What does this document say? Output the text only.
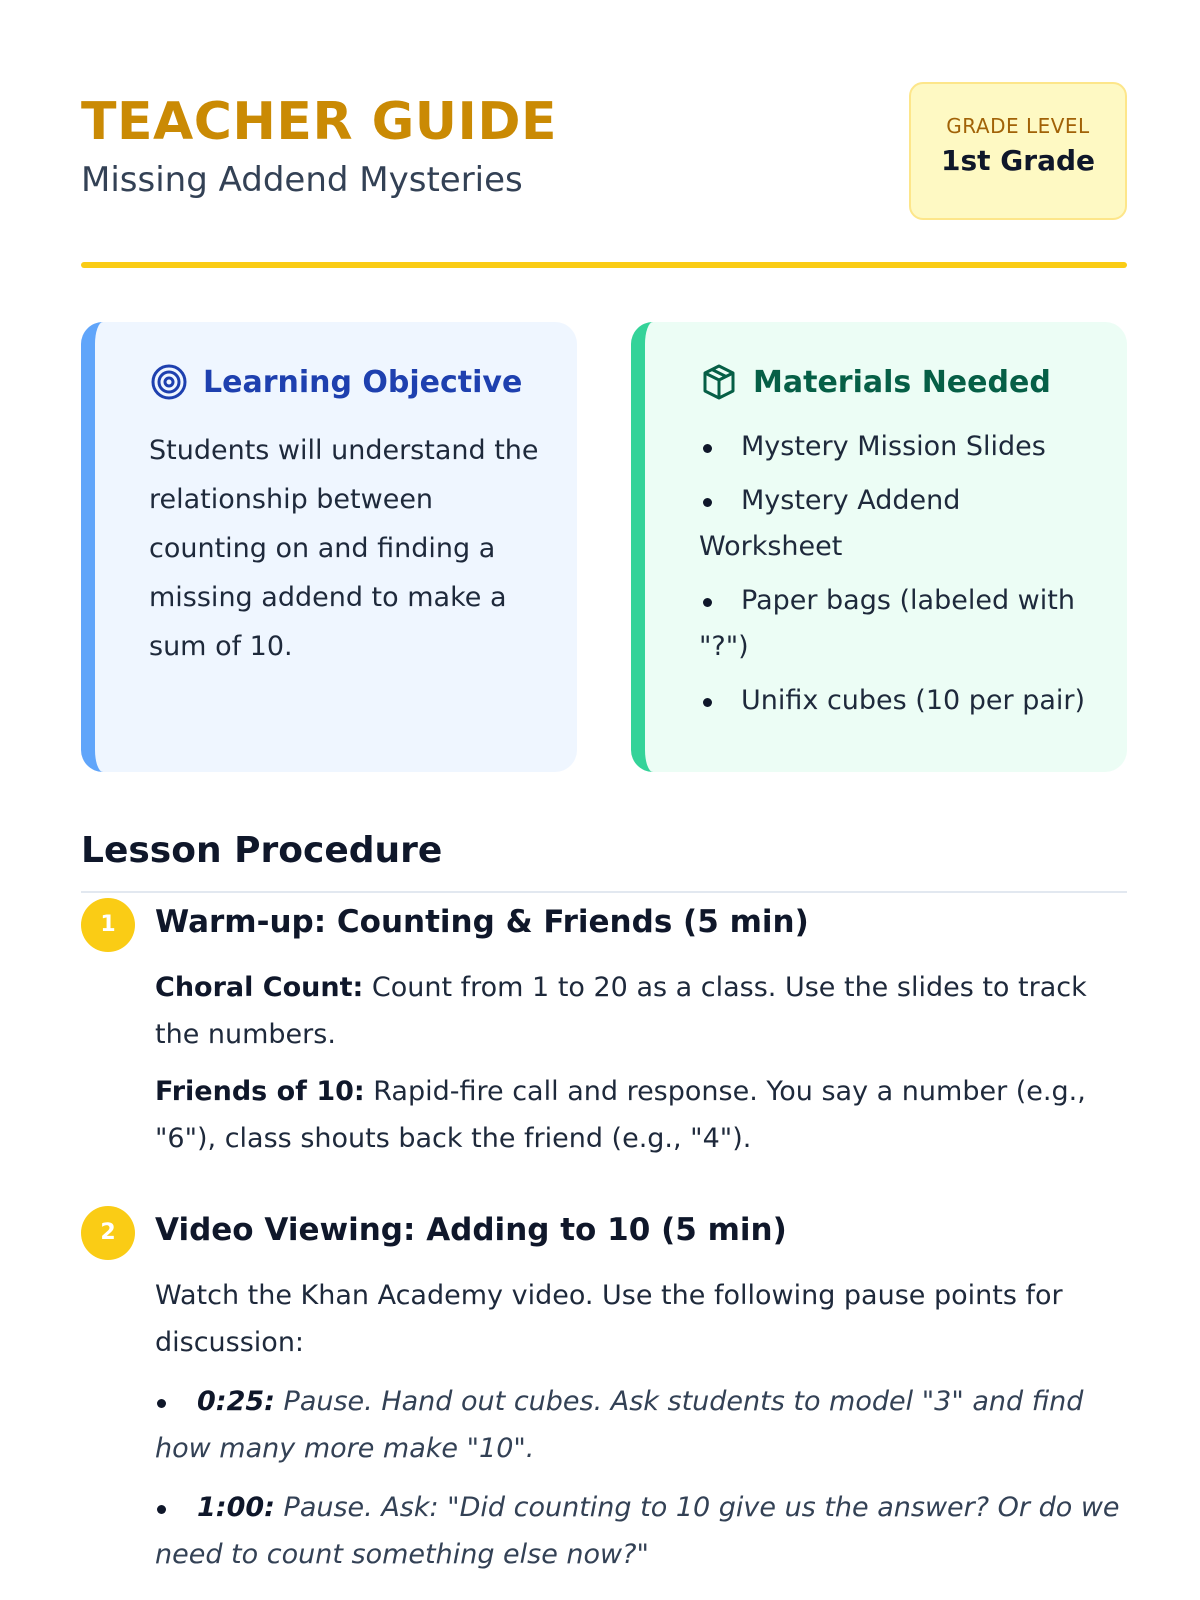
TEACHER GUIDE
Missing Addend Mysteries
GRADE LEVEL
1st Grade
Learning Objective

Students will understand the relationship between counting on and finding a missing addend to make a sum of 10.

Materials Needed
Mystery Mission Slides
Mystery Addend Worksheet
Paper bags (labeled with "?")
Unifix cubes (10 per pair)
Lesson Procedure
1	Warm-up: Counting & Friends (5 min)

Choral Count: Count from 1 to 20 as a class. Use the slides to track the numbers.

Friends of 10: Rapid-fire call and response. You say a number (e.g., "6"), class shouts back the friend (e.g., "4").

2	Video Viewing: Adding to 10 (5 min)

Watch the Khan Academy video. Use the following pause points for discussion:

0:25: Pause. Hand out cubes. Ask students to model "3" and find how many more make "10".
1:00: Pause. Ask: "Did counting to 10 give us the answer? Or do we need to count something else now?"
